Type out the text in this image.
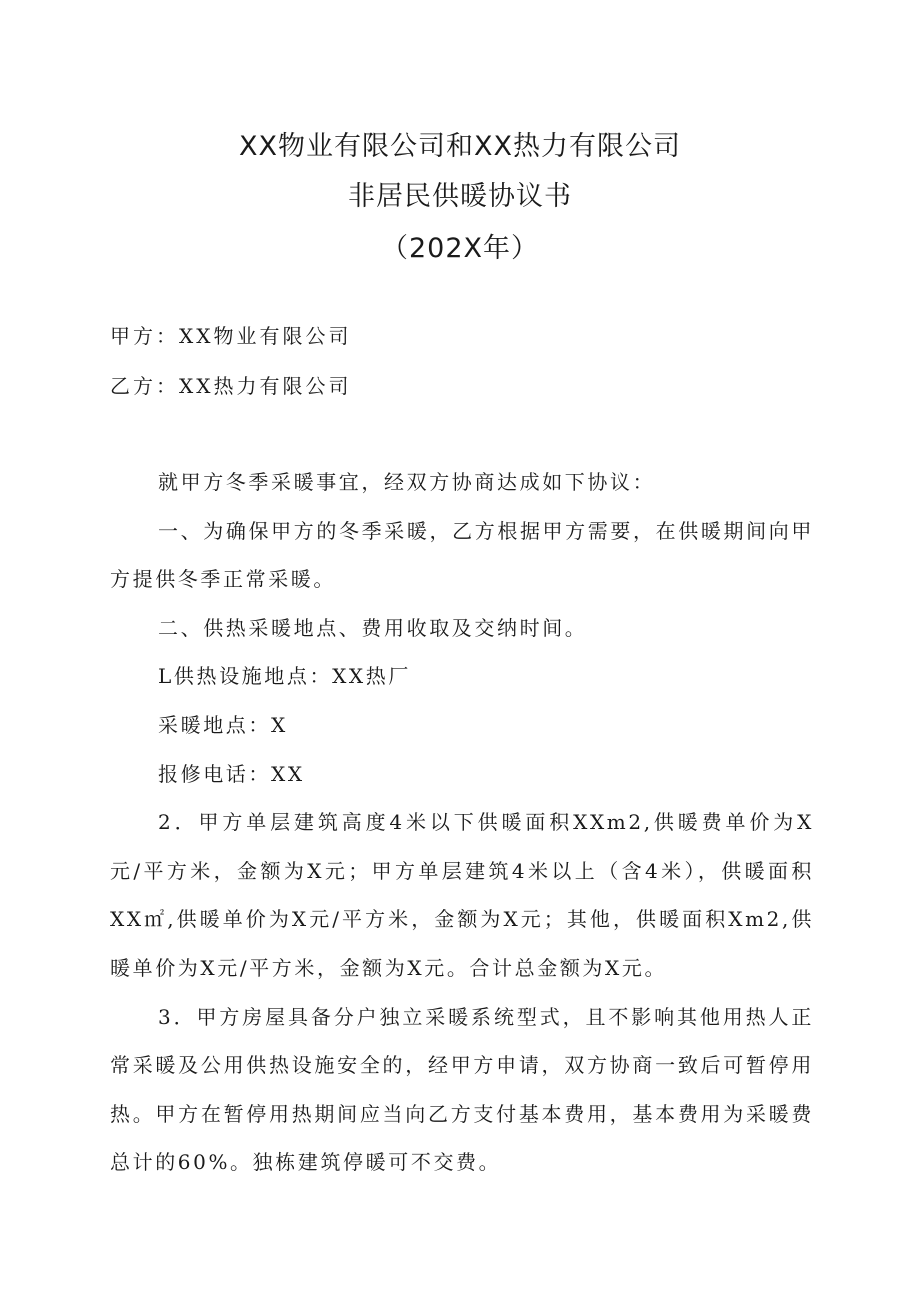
XX物业有限公司和XX热力有限公司
非居民供暖协议书
（202X年）
甲方：XX物业有限公司
乙方：XX热力有限公司

就甲方冬季采暖事宜，经双方协商达成如下协议：

一、为确保甲方的冬季采暖，乙方根据甲方需要，在供暖期间向甲方提供冬季正常采暖。

二、供热采暖地点、费用收取及交纳时间。

L供热设施地点：XX热厂

采暖地点：X

报修电话：XX

2．甲方单层建筑高度4米以下供暖面积XXm2,供暖费单价为X元/平方米，金额为X元；甲方单层建筑4米以上（含4米），供暖面积XX㎡,供暖单价为X元/平方米，金额为X元；其他，供暖面积Xm2,供暖单价为X元/平方米，金额为X元。合计总金额为X元。

3．甲方房屋具备分户独立采暖系统型式，且不影响其他用热人正常采暖及公用供热设施安全的，经甲方申请，双方协商一致后可暂停用热。甲方在暂停用热期间应当向乙方支付基本费用，基本费用为采暖费总计的60%。独栋建筑停暖可不交费。
